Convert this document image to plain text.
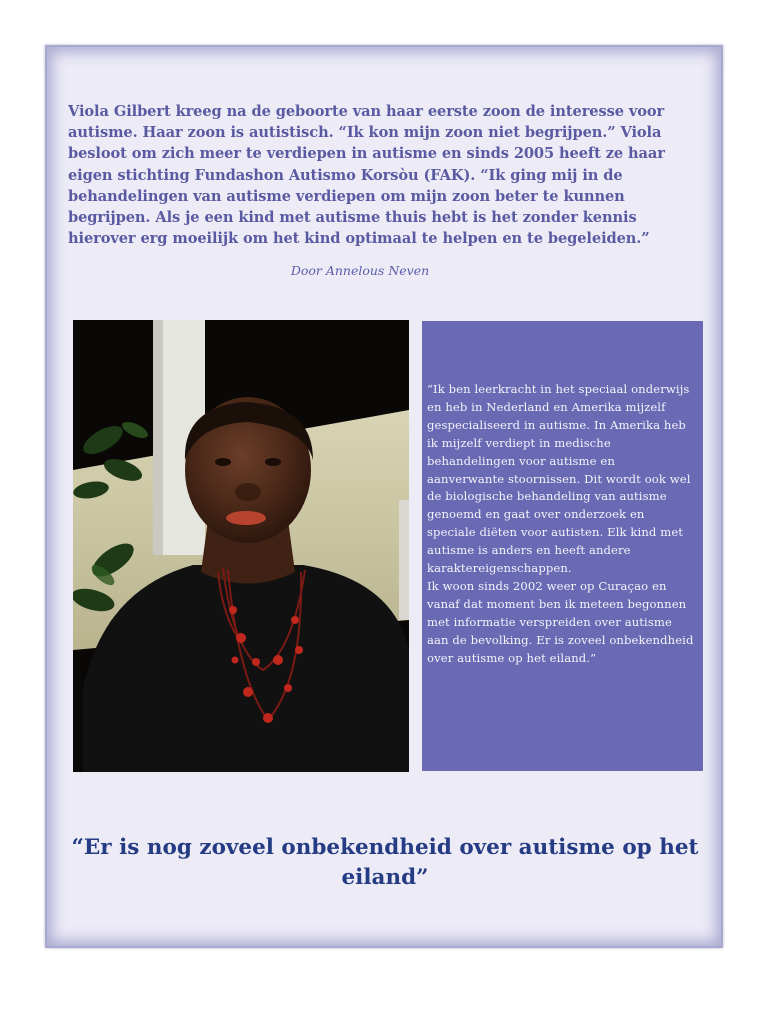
Viola Gilbert kreeg na de geboorte van haar eerste zoon de interesse voor autisme. Haar zoon is autistisch. “Ik kon mijn zoon niet begrijpen.” Viola besloot om zich meer te verdiepen in autisme en sinds 2005 heeft ze haar eigen stichting Fundashon Autismo Korsòu (FAK). “Ik ging mij in de behandelingen van autisme verdiepen om mijn zoon beter te kunnen begrijpen. Als je een kind met autisme thuis hebt is het zonder kennis hierover erg moeilijk om het kind optimaal te helpen en te begeleiden.”

Door Annelous Neven

“Ik ben leerkracht in het speciaal onderwijs en heb in Nederland en Amerika mijzelf gespecialiseerd in autisme. In Amerika heb ik mijzelf verdiept in medische behandelingen voor autisme en aanverwante stoornissen. Dit wordt ook wel de biologische behandeling van autisme genoemd en gaat over onderzoek en speciale diëten voor autisten. Elk kind met autisme is anders en heeft andere karaktereigenschappen.

Ik woon sinds 2002 weer op Curaçao en vanaf dat moment ben ik meteen begonnen met informatie verspreiden over autisme aan de bevolking. Er is zoveel onbekendheid over autisme op het eiland.”

“Er is nog zoveel onbekendheid over autisme op het eiland”
